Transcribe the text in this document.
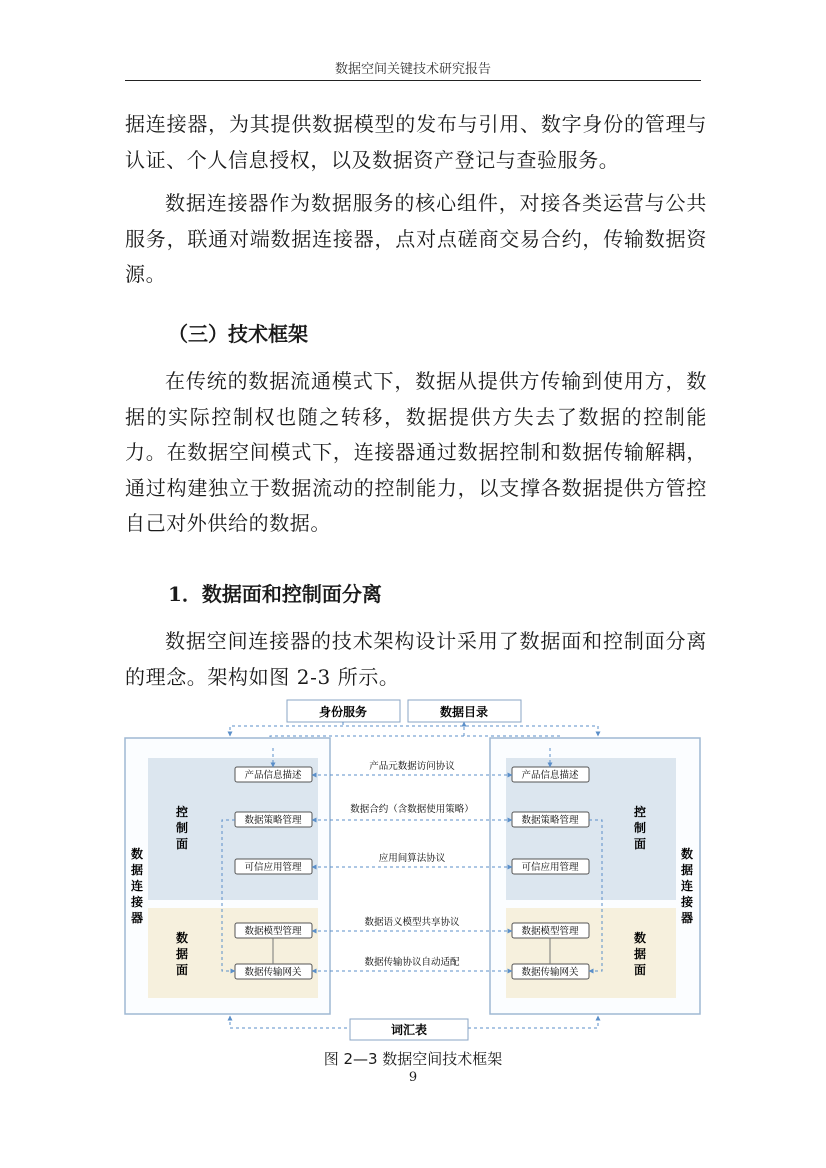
数据空间关键技术研究报告

据连接器，为其提供数据模型的发布与引用、数字身份的管理与认证、个人信息授权，以及数据资产登记与查验服务。

数据连接器作为数据服务的核心组件，对接各类运营与公共服务，联通对端数据连接器，点对点磋商交易合约，传输数据资源。

（三）技术框架

在传统的数据流通模式下，数据从提供方传输到使用方，数据的实际控制权也随之转移，数据提供方失去了数据的控制能力。在数据空间模式下，连接器通过数据控制和数据传输解耦，通过构建独立于数据流动的控制能力，以支撑各数据提供方管控自己对外供给的数据。

1．数据面和控制面分离

数据空间连接器的技术架构设计采用了数据面和控制面分离的理念。架构如图 2-3 所示。

身份服务	数据目录
数据连接器
数据连接器
控制面
控制面
数据面
数据面
产品信息描述
数据策略管理
可信应用管理
数据模型管理
数据传输网关
产品信息描述
数据策略管理
可信应用管理
数据模型管理
数据传输网关
产品元数据访问协议
数据合约（含数据使用策略）
应用间算法协议
数据语义模型共享协议
数据传输协议自动适配
词汇表
图 2—3 数据空间技术框架
9
